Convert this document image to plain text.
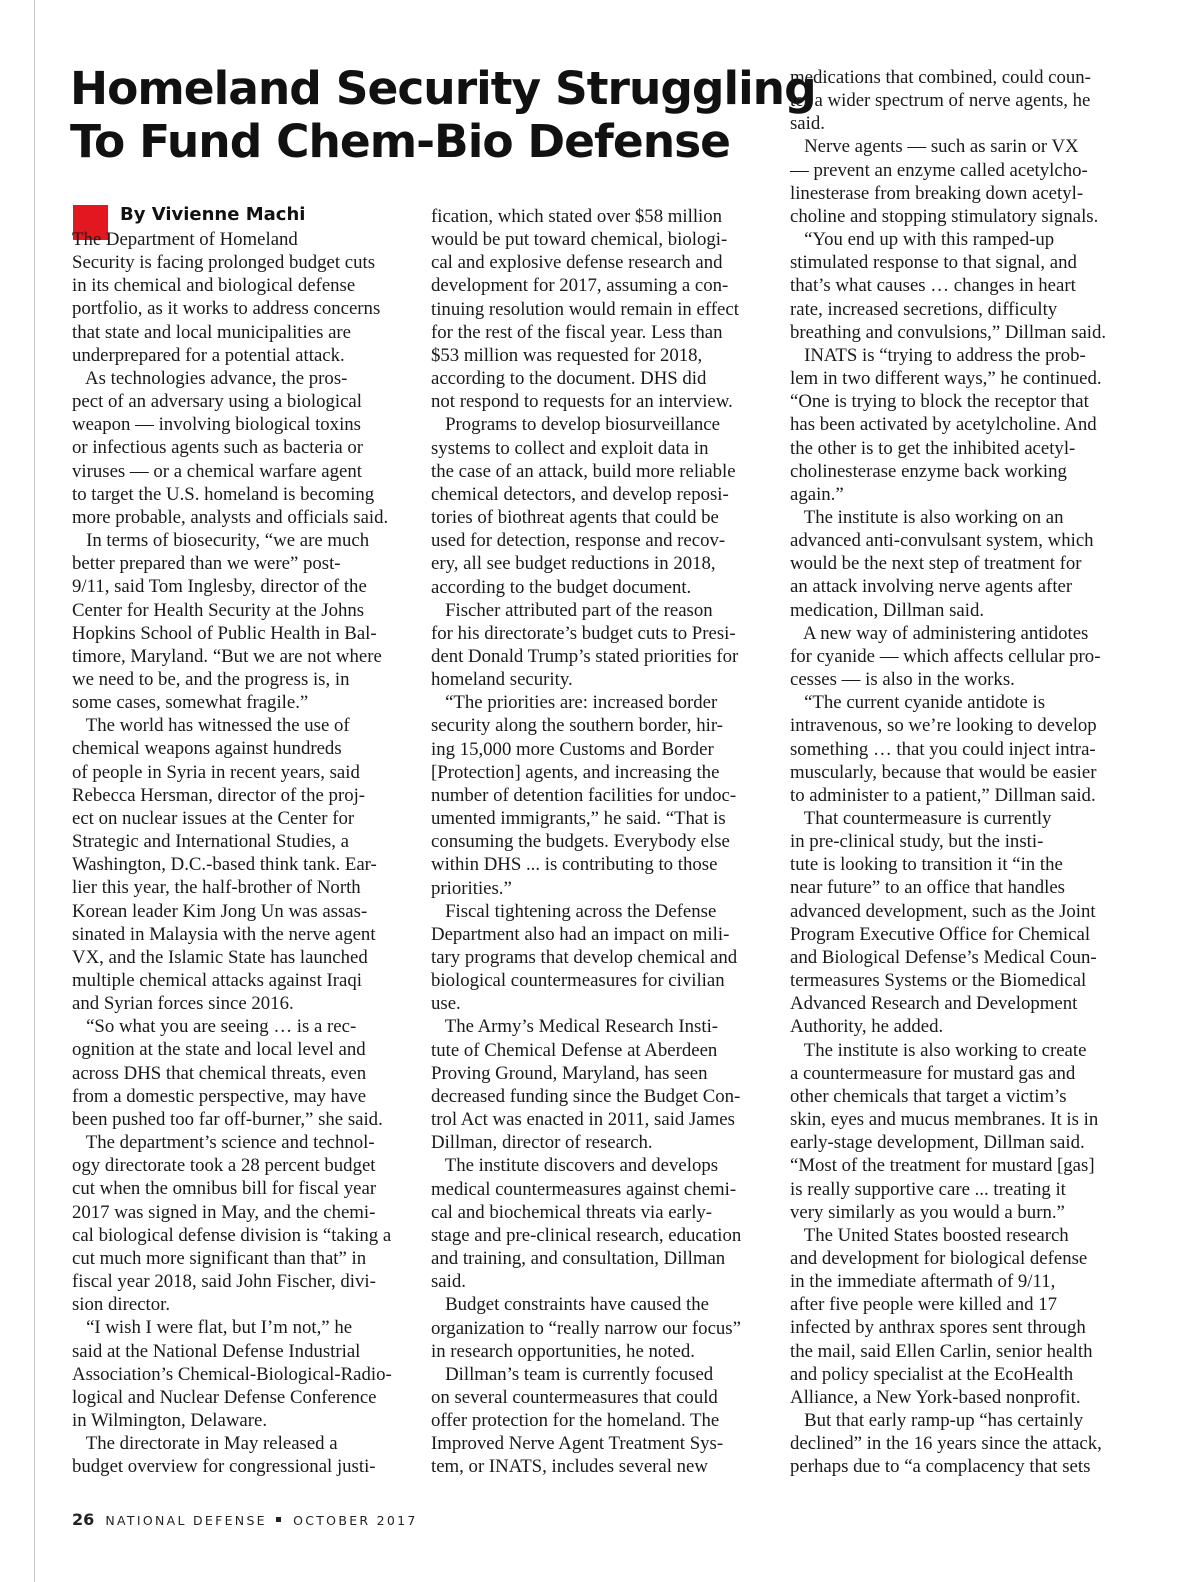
Homeland Security Struggling
To Fund Chem-Bio Defense

By Vivienne Machi

The Department of Homeland
Security is facing prolonged budget cuts
in its chemical and biological defense
portfolio, as it works to address concerns
that state and local municipalities are
underprepared for a potential attack.
As technologies advance, the pros-
pect of an adversary using a biological
weapon — involving biological toxins
or infectious agents such as bacteria or
viruses — or a chemical warfare agent
to target the U.S. homeland is becoming
more probable, analysts and officials said.
In terms of biosecurity, “we are much
better prepared than we were” post-
9/11, said Tom Inglesby, director of the
Center for Health Security at the Johns
Hopkins School of Public Health in Bal-
timore, Maryland. “But we are not where
we need to be, and the progress is, in
some cases, somewhat fragile.”
The world has witnessed the use of
chemical weapons against hundreds
of people in Syria in recent years, said
Rebecca Hersman, director of the proj-
ect on nuclear issues at the Center for
Strategic and International Studies, a
Washington, D.C.-based think tank. Ear-
lier this year, the half-brother of North
Korean leader Kim Jong Un was assas-
sinated in Malaysia with the nerve agent
VX, and the Islamic State has launched
multiple chemical attacks against Iraqi
and Syrian forces since 2016.
“So what you are seeing … is a rec-
ognition at the state and local level and
across DHS that chemical threats, even
from a domestic perspective, may have
been pushed too far off-burner,” she said.
The department’s science and technol-
ogy directorate took a 28 percent budget
cut when the omnibus bill for fiscal year
2017 was signed in May, and the chemi-
cal biological defense division is “taking a
cut much more significant than that” in
fiscal year 2018, said John Fischer, divi-
sion director.
“I wish I were flat, but I’m not,” he
said at the National Defense Industrial
Association’s Chemical-Biological-Radio-
logical and Nuclear Defense Conference
in Wilmington, Delaware.
The directorate in May released a
budget overview for congressional justi-
fication, which stated over $58 million
would be put toward chemical, biologi-
cal and explosive defense research and
development for 2017, assuming a con-
tinuing resolution would remain in effect
for the rest of the fiscal year. Less than
$53 million was requested for 2018,
according to the document. DHS did
not respond to requests for an interview.
Programs to develop biosurveillance
systems to collect and exploit data in
the case of an attack, build more reliable
chemical detectors, and develop reposi-
tories of biothreat agents that could be
used for detection, response and recov-
ery, all see budget reductions in 2018,
according to the budget document.
Fischer attributed part of the reason
for his directorate’s budget cuts to Presi-
dent Donald Trump’s stated priorities for
homeland security.
“The priorities are: increased border
security along the southern border, hir-
ing 15,000 more Customs and Border
[Protection] agents, and increasing the
number of detention facilities for undoc-
umented immigrants,” he said. “That is
consuming the budgets. Everybody else
within DHS ... is contributing to those
priorities.”
Fiscal tightening across the Defense
Department also had an impact on mili-
tary programs that develop chemical and
biological countermeasures for civilian
use.
The Army’s Medical Research Insti-
tute of Chemical Defense at Aberdeen
Proving Ground, Maryland, has seen
decreased funding since the Budget Con-
trol Act was enacted in 2011, said James
Dillman, director of research.
The institute discovers and develops
medical countermeasures against chemi-
cal and biochemical threats via early-
stage and pre-clinical research, education
and training, and consultation, Dillman
said.
Budget constraints have caused the
organization to “really narrow our focus”
in research opportunities, he noted.
Dillman’s team is currently focused
on several countermeasures that could
offer protection for the homeland. The
Improved Nerve Agent Treatment Sys-
tem, or INATS, includes several new
medications that combined, could coun-
ter a wider spectrum of nerve agents, he
said.
Nerve agents — such as sarin or VX
— prevent an enzyme called acetylcho-
linesterase from breaking down acetyl-
choline and stopping stimulatory signals.
“You end up with this ramped-up
stimulated response to that signal, and
that’s what causes … changes in heart
rate, increased secretions, difficulty
breathing and convulsions,” Dillman said.
INATS is “trying to address the prob-
lem in two different ways,” he continued.
“One is trying to block the receptor that
has been activated by acetylcholine. And
the other is to get the inhibited acetyl-
cholinesterase enzyme back working
again.”
The institute is also working on an
advanced anti-convulsant system, which
would be the next step of treatment for
an attack involving nerve agents after
medication, Dillman said.
A new way of administering antidotes
for cyanide — which affects cellular pro-
cesses — is also in the works.
“The current cyanide antidote is
intravenous, so we’re looking to develop
something … that you could inject intra-
muscularly, because that would be easier
to administer to a patient,” Dillman said.
That countermeasure is currently
in pre-clinical study, but the insti-
tute is looking to transition it “in the
near future” to an office that handles
advanced development, such as the Joint
Program Executive Office for Chemical
and Biological Defense’s Medical Coun-
termeasures Systems or the Biomedical
Advanced Research and Development
Authority, he added.
The institute is also working to create
a countermeasure for mustard gas and
other chemicals that target a victim’s
skin, eyes and mucus membranes. It is in
early-stage development, Dillman said.
“Most of the treatment for mustard [gas]
is really supportive care ... treating it
very similarly as you would a burn.”
The United States boosted research
and development for biological defense
in the immediate aftermath of 9/11,
after five people were killed and 17
infected by anthrax spores sent through
the mail, said Ellen Carlin, senior health
and policy specialist at the EcoHealth
Alliance, a New York-based nonprofit.
But that early ramp-up “has certainly
declined” in the 16 years since the attack,
perhaps due to “a complacency that sets
26 NATIONAL DEFENSE OCTOBER 2017
